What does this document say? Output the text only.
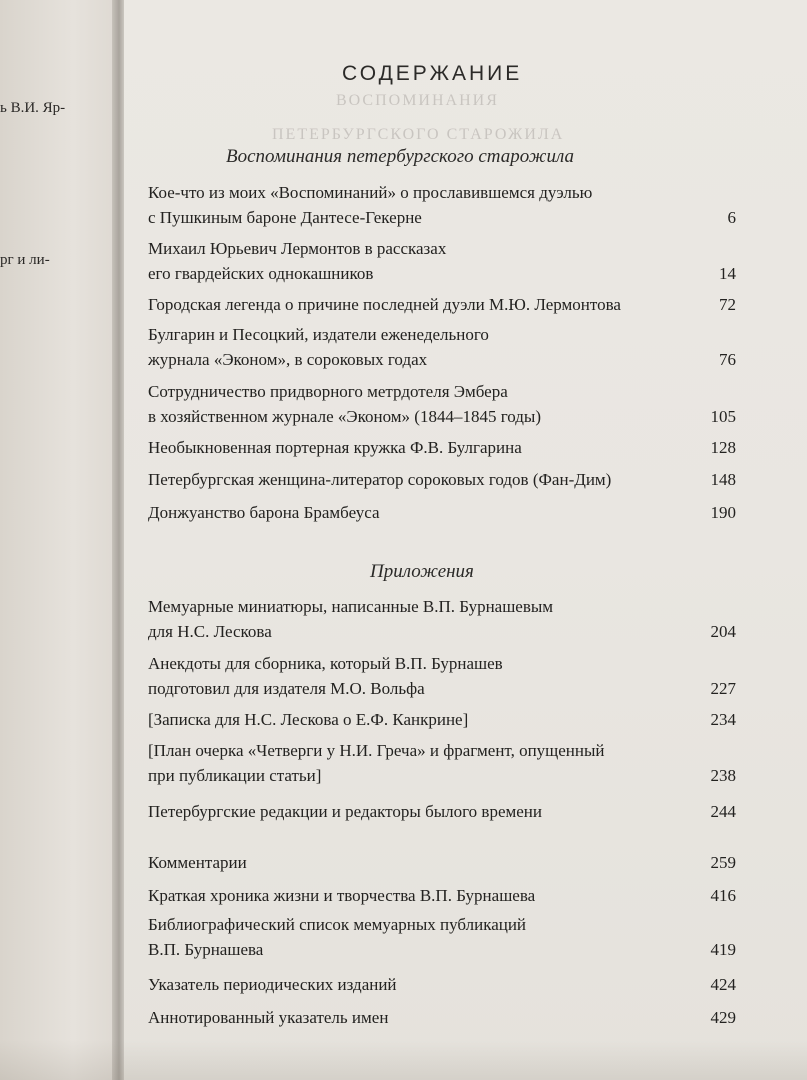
ь В.И. Яр-
рг и ли-
ВОСПОМИНАНИЯ
ПЕТЕРБУРГСКОГО СТАРОЖИЛА
СОДЕРЖАНИЕ
Воспоминания петербургского старожила
Кое-что из моих «Воспоминаний» о прославившемся дуэлью
с Пушкиным бароне Дантесе-Гекерне	6
Михаил Юрьевич Лермонтов в рассказах
его гвардейских однокашников	14
Городская легенда о причине последней дуэли М.Ю. Лермонтова	72
Булгарин и Песоцкий, издатели еженедельного
журнала «Эконом», в сороковых годах	76
Сотрудничество придворного метрдотеля Эмбера
в хозяйственном журнале «Эконом» (1844–1845 годы)	105
Необыкновенная портерная кружка Ф.В. Булгарина	128
Петербургская женщина-литератор сороковых годов (Фан-Дим)	148
Донжуанство барона Брамбеуса	190
Приложения
Мемуарные миниатюры, написанные В.П. Бурнашевым
для Н.С. Лескова	204
Анекдоты для сборника, который В.П. Бурнашев
подготовил для издателя М.О. Вольфа	227
[Записка для Н.С. Лескова о Е.Ф. Канкрине]	234
[План очерка «Четверги у Н.И. Греча» и фрагмент, опущенный
при публикации статьи]	238
Петербургские редакции и редакторы былого времени	244
Комментарии	259
Краткая хроника жизни и творчества В.П. Бурнашева	416
Библиографический список мемуарных публикаций
В.П. Бурнашева	419
Указатель периодических изданий	424
Аннотированный указатель имен	429
